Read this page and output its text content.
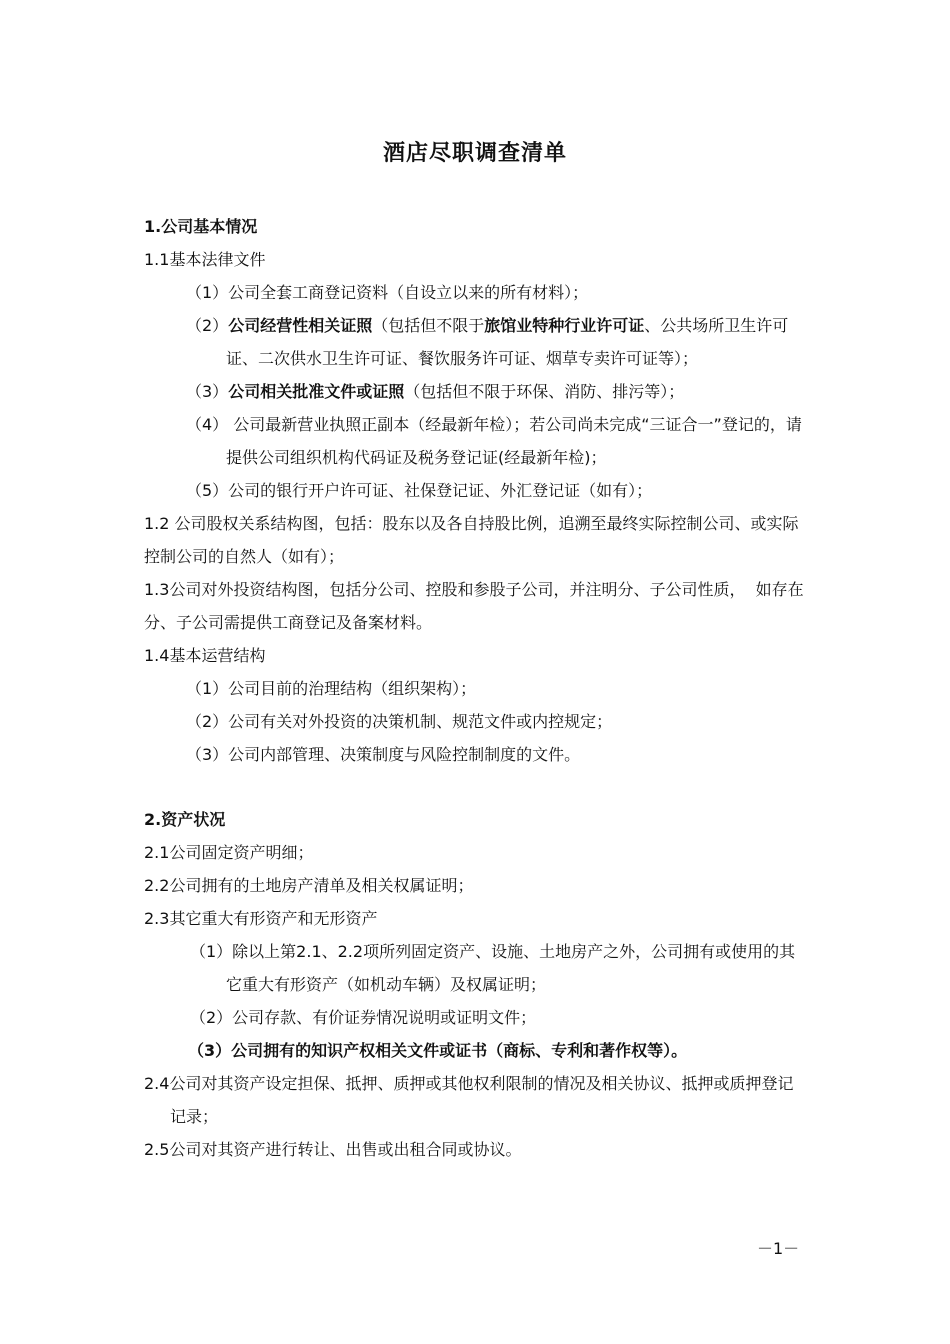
酒店尽职调查清单
1.公司基本情况
1.1基本法律文件
（1）公司全套工商登记资料（自设立以来的所有材料）；
（2）公司经营性相关证照（包括但不限于旅馆业特种行业许可证、公共场所卫生许可证、二次供水卫生许可证、餐饮服务许可证、烟草专卖许可证等）；
（3）公司相关批准文件或证照（包括但不限于环保、消防、排污等）；
（4） 公司最新营业执照正副本（经最新年检）；若公司尚未完成“三证合一”登记的，请提供公司组织机构代码证及税务登记证(经最新年检)；
（5）公司的银行开户许可证、社保登记证、外汇登记证（如有）；
1.2 公司股权关系结构图，包括：股东以及各自持股比例，追溯至最终实际控制公司、或实际控制公司的自然人（如有）；
1.3公司对外投资结构图，包括分公司、控股和参股子公司，并注明分、子公司性质，  如存在分、子公司需提供工商登记及备案材料。
1.4基本运营结构
（1）公司目前的治理结构（组织架构）；
（2）公司有关对外投资的决策机制、规范文件或内控规定；
（3）公司内部管理、决策制度与风险控制制度的文件。
2.资产状况
2.1公司固定资产明细；
2.2公司拥有的土地房产清单及相关权属证明；
2.3其它重大有形资产和无形资产
（1）除以上第2.1、2.2项所列固定资产、设施、土地房产之外，公司拥有或使用的其它重大有形资产（如机动车辆）及权属证明；
（2）公司存款、有价证券情况说明或证明文件；
（3）公司拥有的知识产权相关文件或证书（商标、专利和著作权等）。
2.4公司对其资产设定担保、抵押、质押或其他权利限制的情况及相关协议、抵押或质押登记记录；
2.5公司对其资产进行转让、出售或出租合同或协议。
－1－
